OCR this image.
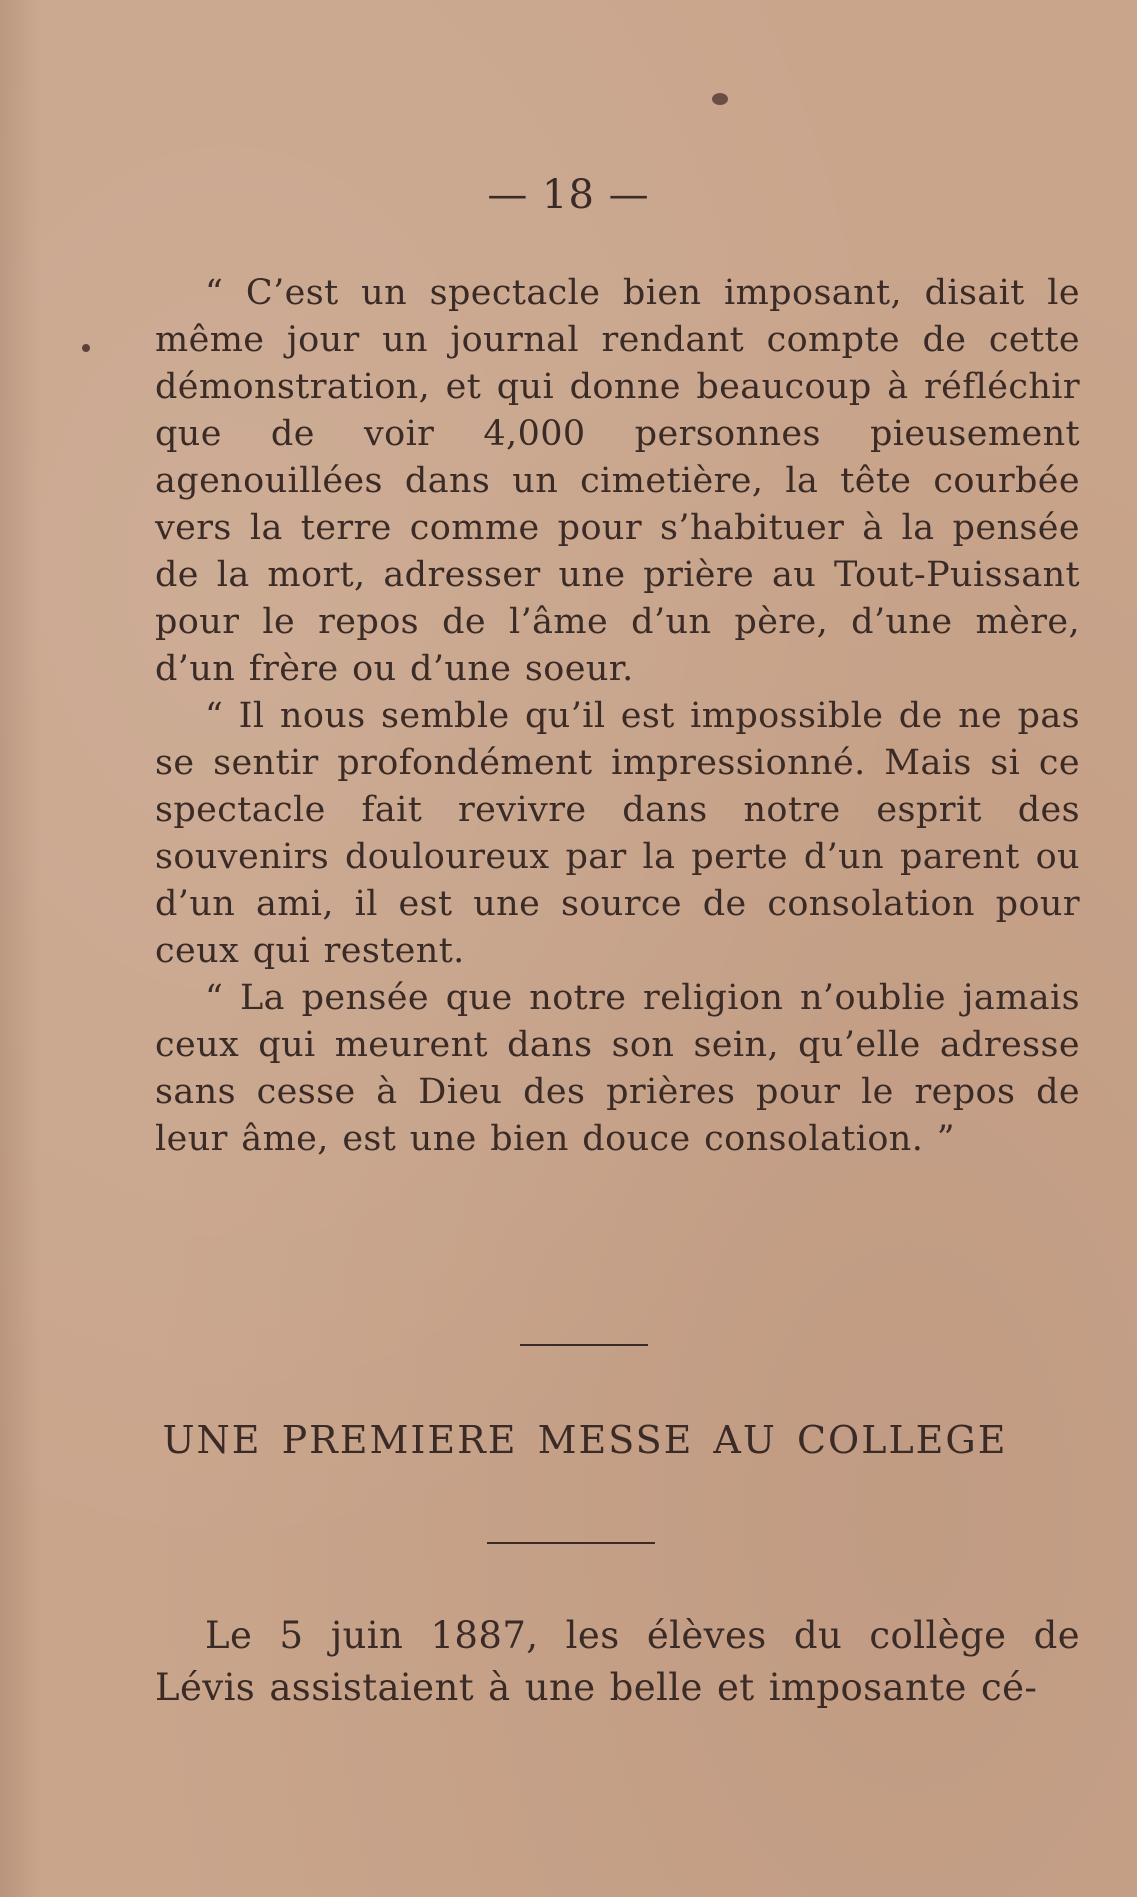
— 18 —

“ C’est un spectacle bien imposant, disait le même jour un journal rendant compte de cette démonstration, et qui donne beaucoup à réfléchir que de voir 4,000 personnes pieusement agenouillées dans un cimetière, la tête courbée vers la terre comme pour s’habituer à la pensée de la mort, adresser une prière au Tout-Puissant pour le repos de l’âme d’un père, d’une mère, d’un frère ou d’une soeur.

“ Il nous semble qu’il est impossible de ne pas se sentir profondément impressionné. Mais si ce spectacle fait revivre dans notre esprit des souvenirs douloureux par la perte d’un parent ou d’un ami, il est une source de consolation pour ceux qui restent.

“ La pensée que notre religion n’oublie jamais ceux qui meurent dans son sein, qu’elle adresse sans cesse à Dieu des prières pour le repos de leur âme, est une bien douce consolation. ”

UNE PREMIERE MESSE AU COLLEGE

Le 5 juin 1887, les élèves du collège de Lévis assistaient à une belle et imposante cé-
